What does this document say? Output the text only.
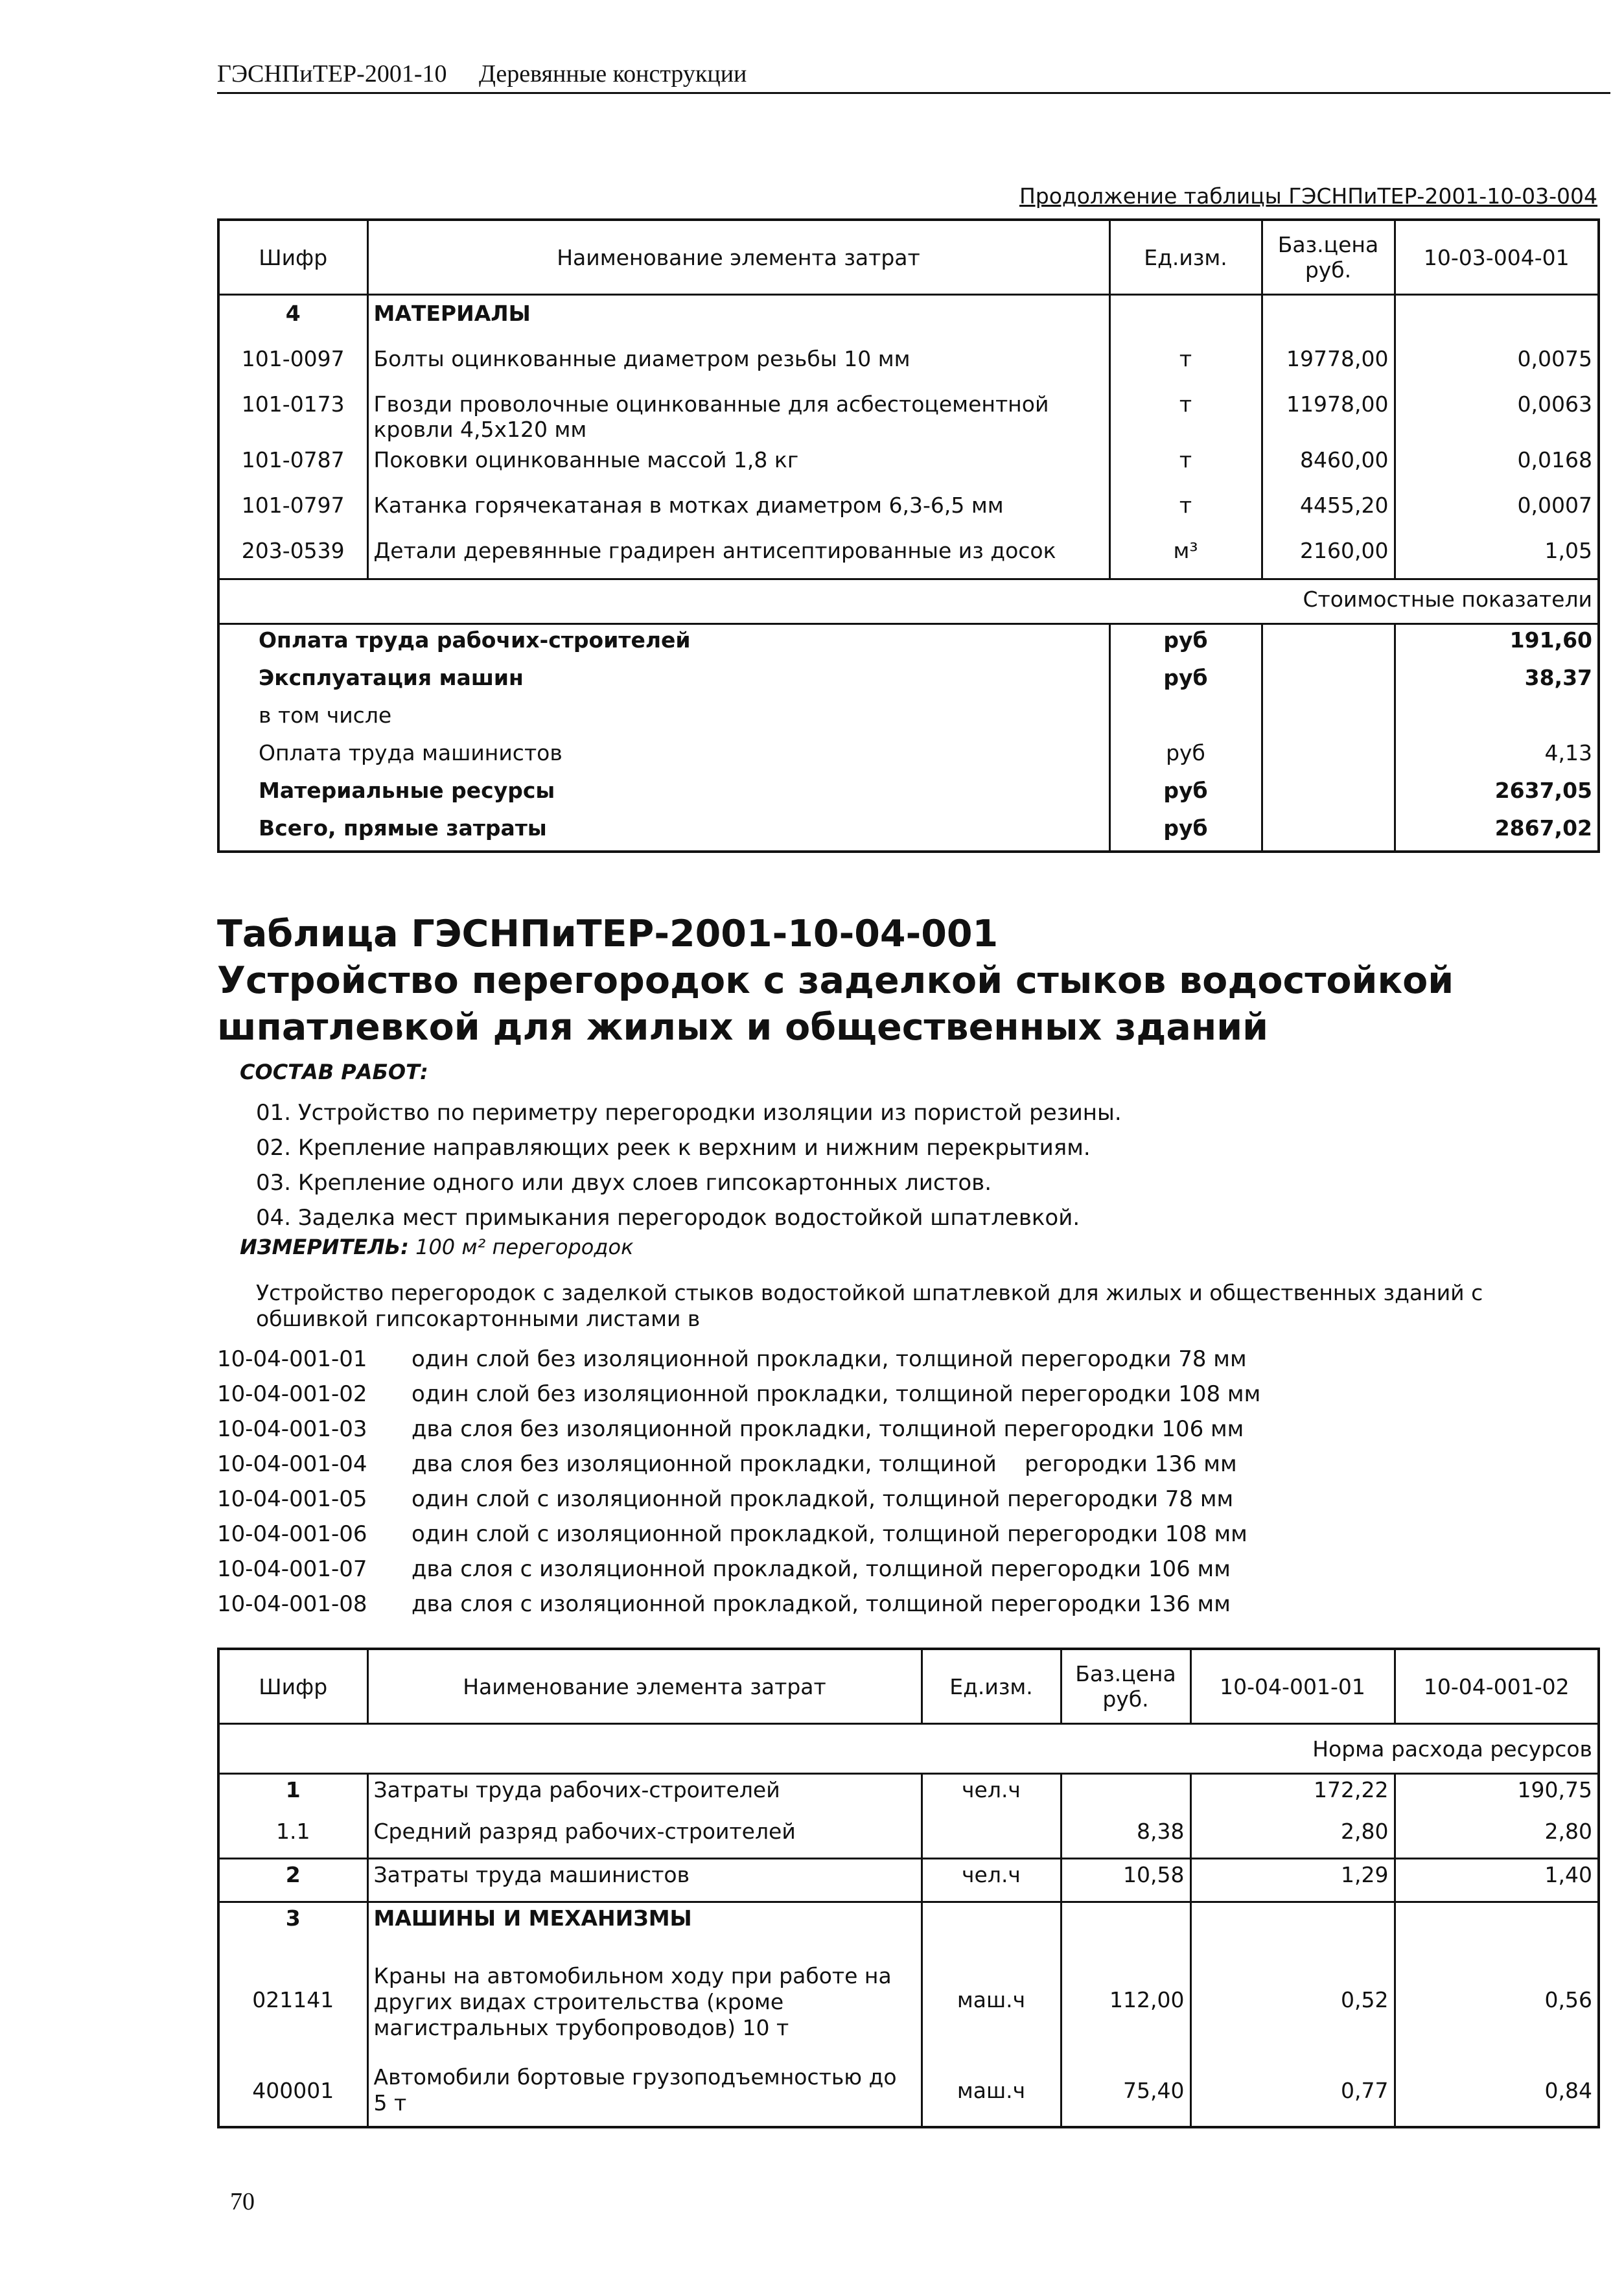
ГЭСНПиТЕР-2001-10 Деревянные конструкции
Продолжение таблицы ГЭСНПиТЕР-2001-10-03-004
Шифр	Наименование элемента затрат	Ед.изм.	Баз.цена руб.	10-03-004-01
4	МАТЕРИАЛЫ			
101-0097	Болты оцинкованные диаметром резьбы 10 мм	т	19778,00	0,0075
101-0173	Гвозди проволочные оцинкованные для асбестоцементной кровли 4,5х120 мм	т	11978,00	0,0063
101-0787	Поковки оцинкованные массой 1,8 кг	т	8460,00	0,0168
101-0797	Катанка горячекатаная в мотках диаметром 6,3-6,5 мм	т	4455,20	0,0007
203-0539	Детали деревянные градирен антисептированные из досок	м³	2160,00	1,05
Стоимостные показатели				
Оплата труда рабочих-строителей		руб		191,60
Эксплуатация машин		руб		38,37
в том числе				
Оплата труда машинистов		руб		4,13
Материальные ресурсы		руб		2637,05
Всего, прямые затраты		руб		2867,02
Таблица ГЭСНПиТЕР-2001-10-04-001
Устройство перегородок с заделкой стыков водостойкой шпатлевкой для жилых и общественных зданий
СОСТАВ РАБОТ:
01. Устройство по периметру перегородки изоляции из пористой резины.
02. Крепление направляющих реек к верхним и нижним перекрытиям.
03. Крепление одного или двух слоев гипсокартонных листов.
04. Заделка мест примыкания перегородок водостойкой шпатлевкой.
ИЗМЕРИТЕЛЬ: 100 м² перегородок
Устройство перегородок с заделкой стыков водостойкой шпатлевкой для жилых и общественных зданий с обшивкой гипсокартонными листами в
10-04-001-01 один слой без изоляционной прокладки, толщиной перегородки 78 мм
10-04-001-02 один слой без изоляционной прокладки, толщиной перегородки 108 мм
10-04-001-03 два слоя без изоляционной прокладки, толщиной перегородки 106 мм
10-04-001-04 два слоя без изоляционной прокладки, толщиной    регородки 136 мм
10-04-001-05 один слой с изоляционной прокладкой, толщиной перегородки 78 мм
10-04-001-06 один слой с изоляционной прокладкой, толщиной перегородки 108 мм
10-04-001-07 два слоя с изоляционной прокладкой, толщиной перегородки 106 мм
10-04-001-08 два слоя с изоляционной прокладкой, толщиной перегородки 136 мм
Шифр	Наименование элемента затрат	Ед.изм.	Баз.цена руб.	10-04-001-01	10-04-001-02
Норма расхода ресурсов					
1	Затраты труда рабочих-строителей	чел.ч		172,22	190,75
1.1	Средний разряд рабочих-строителей		8,38	2,80	2,80
2	Затраты труда машинистов	чел.ч	10,58	1,29	1,40
3	МАШИНЫ И МЕХАНИЗМЫ				
021141	Краны на автомобильном ходу при работе на других видах строительства (кроме магистральных трубопроводов) 10 т	маш.ч	112,00	0,52	0,56
400001	Автомобили бортовые грузоподъемностью до 5 т	маш.ч	75,40	0,77	0,84
70
